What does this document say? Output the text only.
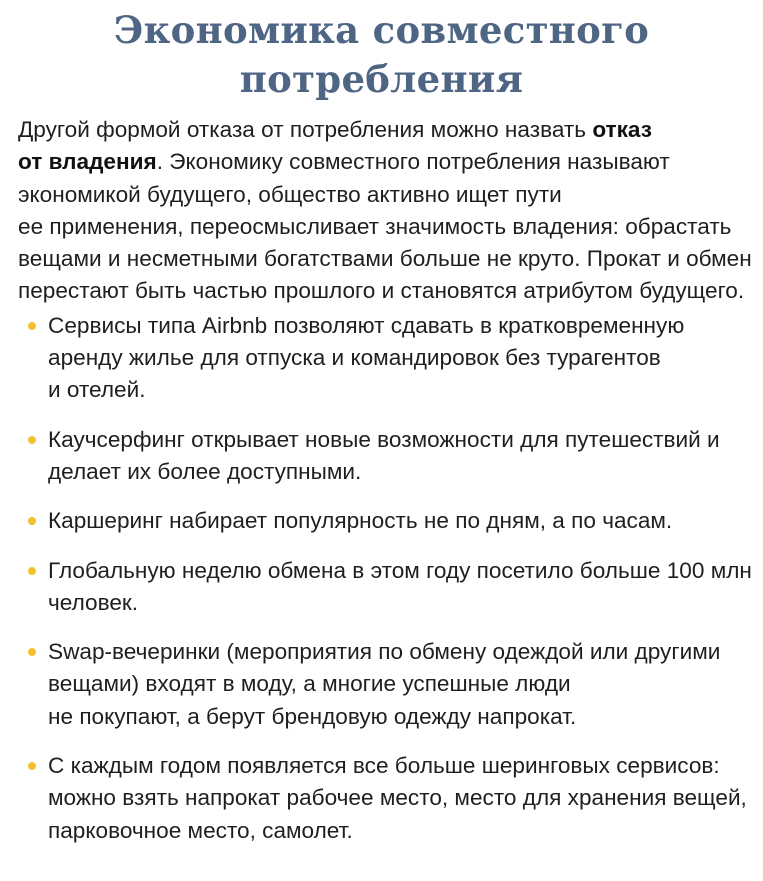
Экономика совместного
потребления

Другой формой отказа от потребления можно назвать отказ
от владения. Экономику совместного потребления называют экономикой будущего, общество активно ищет пути
ее применения, переосмысливает значимость владения: обрастать вещами и несметными богатствами больше не круто. Прокат и обмен перестают быть частью прошлого и становятся атрибутом будущего.

Сервисы типа Airbnb позволяют сдавать в кратковременную аренду жилье для отпуска и командировок без турагентов
и отелей.
Каучсерфинг открывает новые возможности для путешествий и делает их более доступными.
Каршеринг набирает популярность не по дням, а по часам.
Глобальную неделю обмена в этом году посетило больше 100 млн человек.
Swap-вечеринки (мероприятия по обмену одеждой или другими вещами) входят в моду, а многие успешные люди
не покупают, а берут брендовую одежду напрокат.
С каждым годом появляется все больше шеринговых сервисов: можно взять напрокат рабочее место, место для хранения вещей, парковочное место, самолет.
